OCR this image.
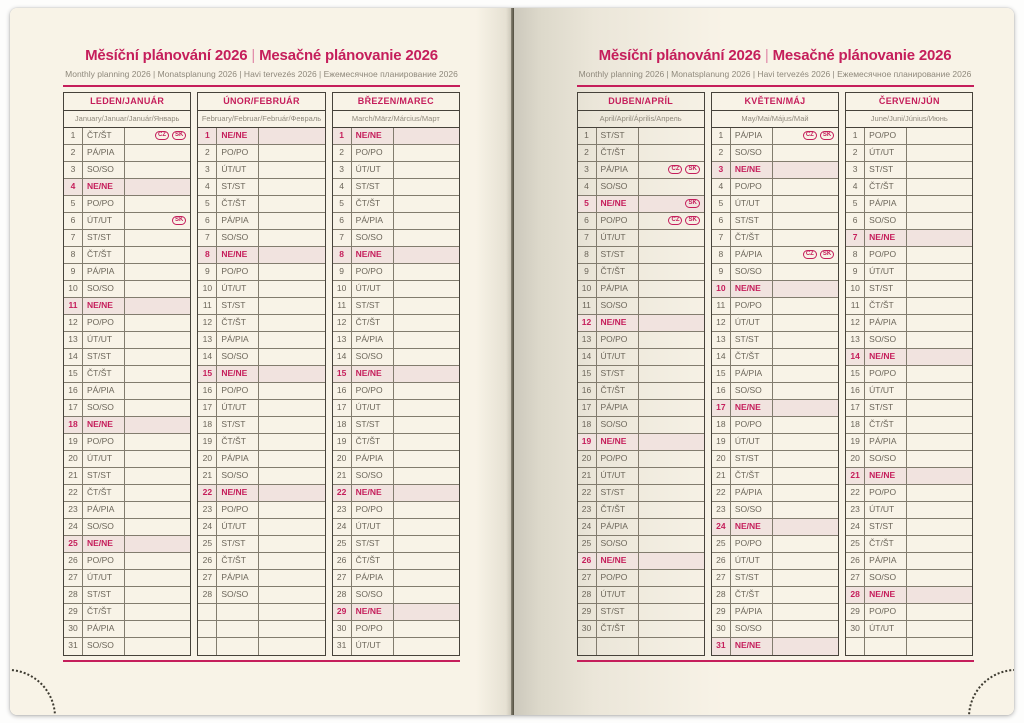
Měsíční plánování 2026 | Mesačné plánovanie 2026
Monthly planning 2026 | Monatsplanung 2026 | Havi tervezés 2026 | Ежемесячное планирование 2026
LEDEN/JANUÁR
January/Januar/Január/Январь
1	ČT/ŠT	CZ SK
2	PÁ/PIA
3	SO/SO
4	NE/NE
5	PO/PO
6	ÚT/UT	SK
7	ST/ST
8	ČT/ŠT
9	PÁ/PIA
10	SO/SO
11	NE/NE
12	PO/PO
13	ÚT/UT
14	ST/ST
15	ČT/ŠT
16	PÁ/PIA
17	SO/SO
18	NE/NE
19	PO/PO
20	ÚT/UT
21	ST/ST
22	ČT/ŠT
23	PÁ/PIA
24	SO/SO
25	NE/NE
26	PO/PO
27	ÚT/UT
28	ST/ST
29	ČT/ŠT
30	PÁ/PIA
31	SO/SO
ÚNOR/FEBRUÁR
February/Februar/Február/Февраль
1	NE/NE
2	PO/PO
3	ÚT/UT
4	ST/ST
5	ČT/ŠT
6	PÁ/PIA
7	SO/SO
8	NE/NE
9	PO/PO
10	ÚT/UT
11	ST/ST
12	ČT/ŠT
13	PÁ/PIA
14	SO/SO
15	NE/NE
16	PO/PO
17	ÚT/UT
18	ST/ST
19	ČT/ŠT
20	PÁ/PIA
21	SO/SO
22	NE/NE
23	PO/PO
24	ÚT/UT
25	ST/ST
26	ČT/ŠT
27	PÁ/PIA
28	SO/SO
BŘEZEN/MAREC
March/März/Március/Март
1	NE/NE
2	PO/PO
3	ÚT/UT
4	ST/ST
5	ČT/ŠT
6	PÁ/PIA
7	SO/SO
8	NE/NE
9	PO/PO
10	ÚT/UT
11	ST/ST
12	ČT/ŠT
13	PÁ/PIA
14	SO/SO
15	NE/NE
16	PO/PO
17	ÚT/UT
18	ST/ST
19	ČT/ŠT
20	PÁ/PIA
21	SO/SO
22	NE/NE
23	PO/PO
24	ÚT/UT
25	ST/ST
26	ČT/ŠT
27	PÁ/PIA
28	SO/SO
29	NE/NE
30	PO/PO
31	ÚT/UT
Měsíční plánování 2026 | Mesačné plánovanie 2026
Monthly planning 2026 | Monatsplanung 2026 | Havi tervezés 2026 | Ежемесячное планирование 2026
DUBEN/APRÍL
April/April/Április/Апрель
1	ST/ST
2	ČT/ŠT
3	PÁ/PIA	CZ SK
4	SO/SO
5	NE/NE	SK
6	PO/PO	CZ SK
7	ÚT/UT
8	ST/ST
9	ČT/ŠT
10	PÁ/PIA
11	SO/SO
12	NE/NE
13	PO/PO
14	ÚT/UT
15	ST/ST
16	ČT/ŠT
17	PÁ/PIA
18	SO/SO
19	NE/NE
20	PO/PO
21	ÚT/UT
22	ST/ST
23	ČT/ŠT
24	PÁ/PIA
25	SO/SO
26	NE/NE
27	PO/PO
28	ÚT/UT
29	ST/ST
30	ČT/ŠT
KVĚTEN/MÁJ
May/Mai/Május/Май
1	PÁ/PIA	CZ SK
2	SO/SO
3	NE/NE
4	PO/PO
5	ÚT/UT
6	ST/ST
7	ČT/ŠT
8	PÁ/PIA	CZ SK
9	SO/SO
10	NE/NE
11	PO/PO
12	ÚT/UT
13	ST/ST
14	ČT/ŠT
15	PÁ/PIA
16	SO/SO
17	NE/NE
18	PO/PO
19	ÚT/UT
20	ST/ST
21	ČT/ŠT
22	PÁ/PIA
23	SO/SO
24	NE/NE
25	PO/PO
26	ÚT/UT
27	ST/ST
28	ČT/ŠT
29	PÁ/PIA
30	SO/SO
31	NE/NE
ČERVEN/JÚN
June/Juni/Június/Июнь
1	PO/PO
2	ÚT/UT
3	ST/ST
4	ČT/ŠT
5	PÁ/PIA
6	SO/SO
7	NE/NE
8	PO/PO
9	ÚT/UT
10	ST/ST
11	ČT/ŠT
12	PÁ/PIA
13	SO/SO
14	NE/NE
15	PO/PO
16	ÚT/UT
17	ST/ST
18	ČT/ŠT
19	PÁ/PIA
20	SO/SO
21	NE/NE
22	PO/PO
23	ÚT/UT
24	ST/ST
25	ČT/ŠT
26	PÁ/PIA
27	SO/SO
28	NE/NE
29	PO/PO
30	ÚT/UT
